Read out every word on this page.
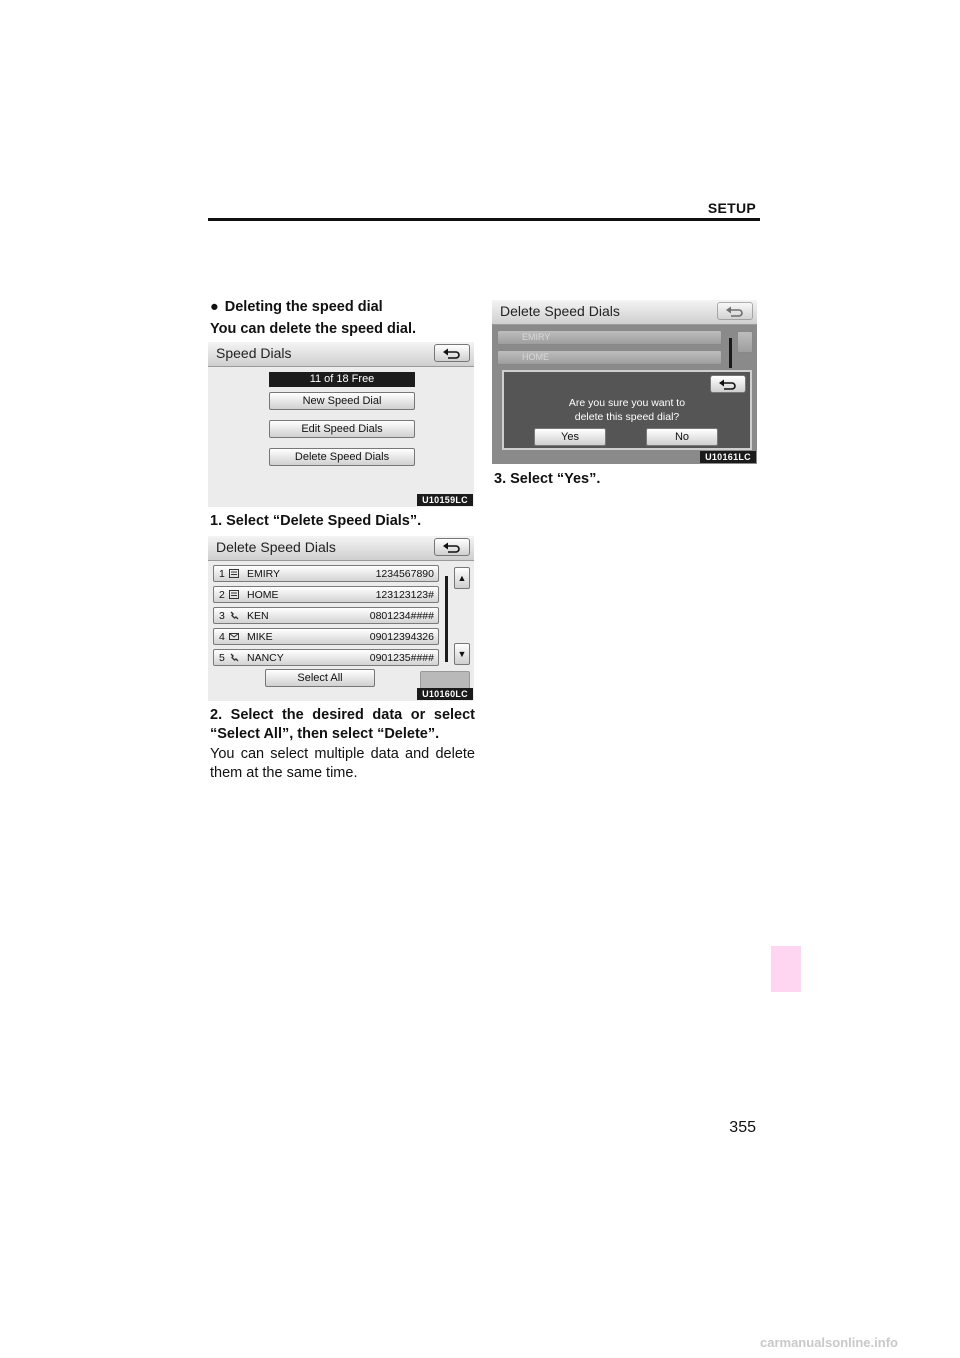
SETUP
● Deleting the speed dial
You can delete the speed dial.
Speed Dials
11 of 18 Free
New Speed Dial
Edit Speed Dials
Delete Speed Dials
U10159LC
1. Select “Delete Speed Dials”.
Delete Speed Dials
1 EMIRY	1234567890
2 HOME	123123123#
3 KEN	0801234####
4 MIKE	09012394326
5 NANCY	0901235####
▲
▼
Select All
U10160LC
2. Select the desired data or select
“Select All”, then select “Delete”.
You can select multiple data and delete
them at the same time.
Delete Speed Dials
EMIRY
HOME
Are you sure you want to
delete this speed dial?
Yes	No
U10161LC
3. Select “Yes”.
355
carmanualsonline.info
